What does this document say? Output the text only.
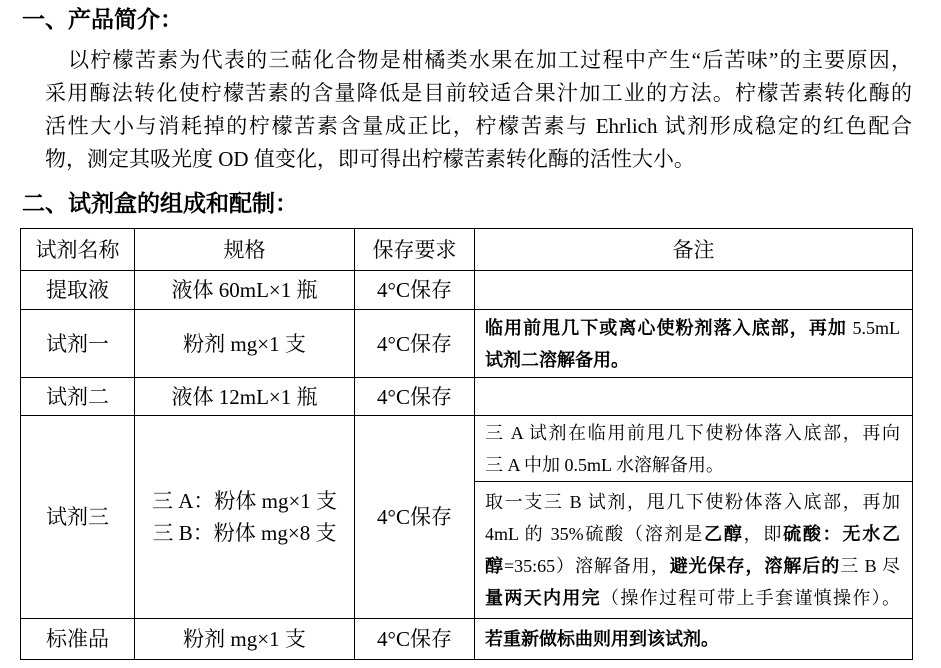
一、产品简介：
以柠檬苦素为代表的三萜化合物是柑橘类水果在加工过程中产生“后苦味”的主要原因，
采用酶法转化使柠檬苦素的含量降低是目前较适合果汁加工业的方法。柠檬苦素转化酶的
活性大小与消耗掉的柠檬苦素含量成正比，柠檬苦素与 Ehrlich 试剂形成稳定的红色配合
物，测定其吸光度 OD 值变化，即可得出柠檬苦素转化酶的活性大小。
二、试剂盒的组成和配制：
试剂名称	规格	保存要求	备注
提取液	液体 60mL×1 瓶	4°C保存	
试剂一	粉剂 mg×1 支	4°C保存	临用前甩几下或离心使粉剂落入底部，再加 5.5mL
试剂二溶解备用。

试剂二	液体 12mL×1 瓶	4°C保存	
试剂三	三 A：粉体 mg×1 支
三 B：粉体 mg×8 支	4°C保存	三 A 试剂在临用前甩几下使粉体落入底部，再向
三 A 中加 0.5mL 水溶解备用。

			取一支三 B 试剂，甩几下使粉体落入底部，再加
4mL 的 35%硫酸（溶剂是乙醇，即硫酸：无水乙
醇=35:65）溶解备用，避光保存，溶解后的三 B 尽
量两天内用完（操作过程可带上手套谨慎操作）。

标准品	粉剂 mg×1 支	4°C保存	若重新做标曲则用到该试剂。
